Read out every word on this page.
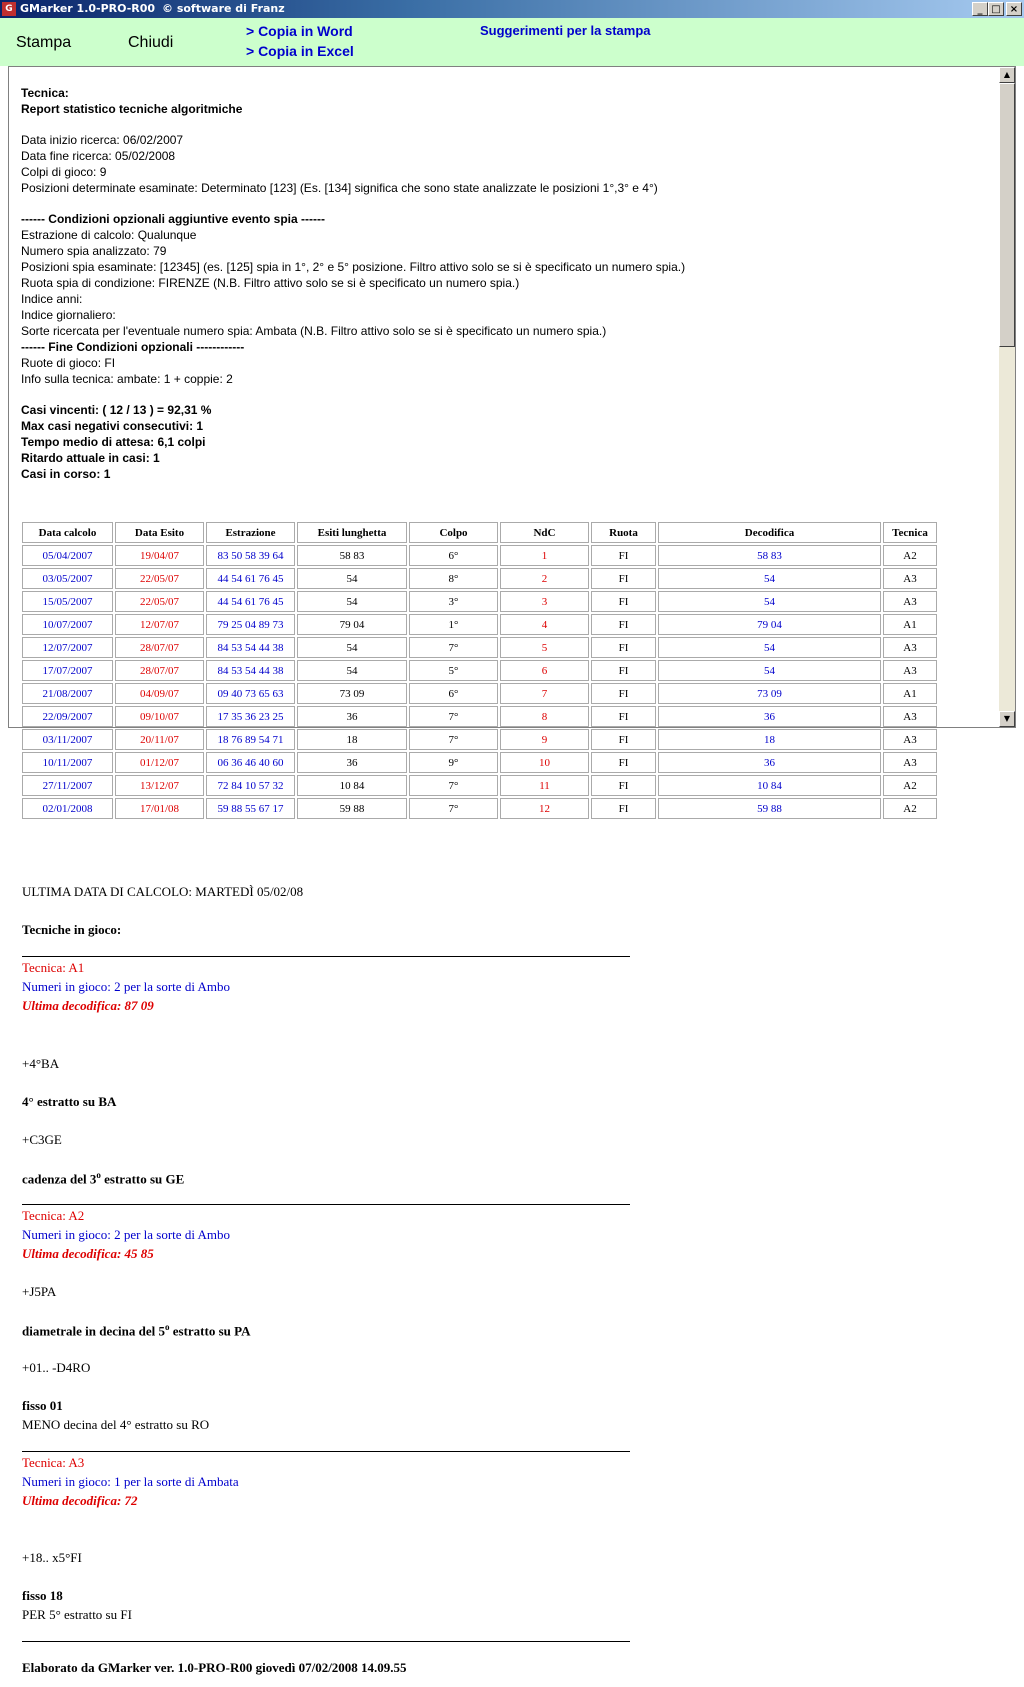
G GMarker 1.0-PRO-R00 © software di Franz	_ □ ×
Stampa	Chiudi
> Copia in Word
> Copia in Excel
Suggerimenti per la stampa
Tecnica:
Report statistico tecniche algoritmiche
Data inizio ricerca: 06/02/2007
Data fine ricerca: 05/02/2008
Colpi di gioco: 9
Posizioni determinate esaminate: Determinato [123] (Es. [134] significa che sono state analizzate le posizioni 1°,3° e 4°)
------ Condizioni opzionali aggiuntive evento spia ------
Estrazione di calcolo: Qualunque
Numero spia analizzato: 79
Posizioni spia esaminate: [12345] (es. [125] spia in 1°, 2° e 5° posizione. Filtro attivo solo se si è specificato un numero spia.)
Ruota spia di condizione: FIRENZE (N.B. Filtro attivo solo se si è specificato un numero spia.)
Indice anni:
Indice giornaliero:
Sorte ricercata per l'eventuale numero spia: Ambata (N.B. Filtro attivo solo se si è specificato un numero spia.)
------ Fine Condizioni opzionali ------------
Ruote di gioco: FI
Info sulla tecnica: ambate: 1 + coppie: 2
Casi vincenti: ( 12 / 13 ) = 92,31 %
Max casi negativi consecutivi: 1
Tempo medio di attesa: 6,1 colpi
Ritardo attuale in casi: 1
Casi in corso: 1
▲
▼
Data calcolo	Data Esito	Estrazione	Esiti lunghetta	Colpo	NdC	Ruota	Decodifica	Tecnica
05/04/2007	19/04/07	83 50 58 39 64	58 83	6°	1	FI	58 83	A2
03/05/2007	22/05/07	44 54 61 76 45	54	8°	2	FI	54	A3
15/05/2007	22/05/07	44 54 61 76 45	54	3°	3	FI	54	A3
10/07/2007	12/07/07	79 25 04 89 73	79 04	1°	4	FI	79 04	A1
12/07/2007	28/07/07	84 53 54 44 38	54	7°	5	FI	54	A3
17/07/2007	28/07/07	84 53 54 44 38	54	5°	6	FI	54	A3
21/08/2007	04/09/07	09 40 73 65 63	73 09	6°	7	FI	73 09	A1
22/09/2007	09/10/07	17 35 36 23 25	36	7°	8	FI	36	A3
03/11/2007	20/11/07	18 76 89 54 71	18	7°	9	FI	18	A3
10/11/2007	01/12/07	06 36 46 40 60	36	9°	10	FI	36	A3
27/11/2007	13/12/07	72 84 10 57 32	10 84	7°	11	FI	10 84	A2
02/01/2008	17/01/08	59 88 55 67 17	59 88	7°	12	FI	59 88	A2
ULTIMA DATA DI CALCOLO: MARTEDÌ 05/02/08
Tecniche in gioco:
Tecnica: A1
Numeri in gioco: 2 per la sorte di Ambo
Ultima decodifica: 87 09
+4°BA
4° estratto su BA
+C3GE
cadenza del 3$^o$ estratto su GE
Tecnica: A2
Numeri in gioco: 2 per la sorte di Ambo
Ultima decodifica: 45 85
+J5PA
diametrale in decina del 5$^o$ estratto su PA
+01.. -D4RO
fisso 01
MENO decina del 4° estratto su RO
Tecnica: A3
Numeri in gioco: 1 per la sorte di Ambata
Ultima decodifica: 72
+18.. x5°FI
fisso 18
PER 5° estratto su FI
Elaborato da GMarker ver. 1.0-PRO-R00 giovedì 07/02/2008 14.09.55
